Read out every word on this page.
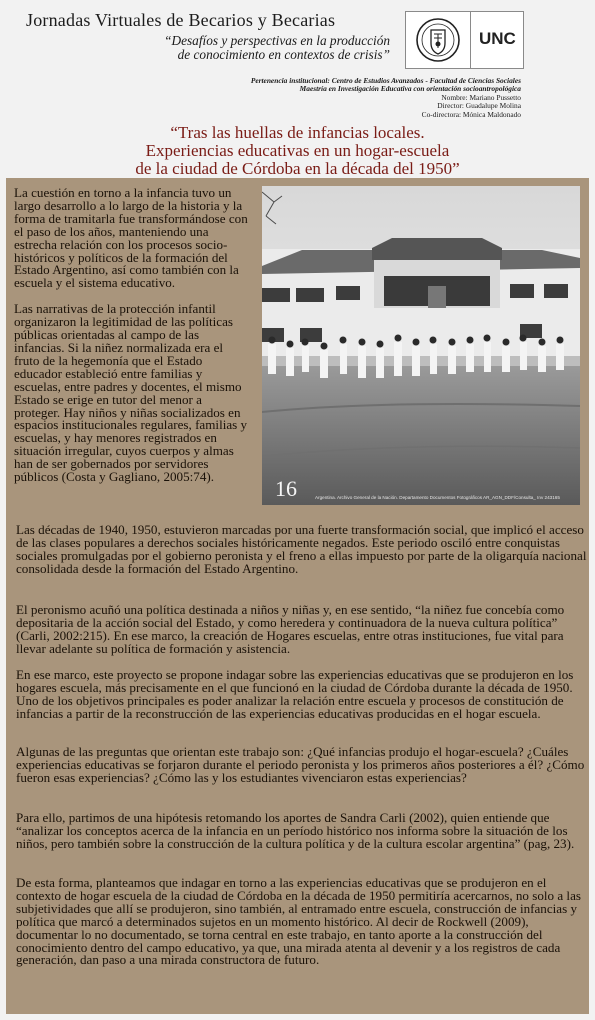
Jornadas Virtuales de Becarios y Becarias
“Desafíos y perspectivas en la producción
de conocimiento en contextos de crisis”
UNC
Pertenencia institucional: Centro de Estudios Avanzados - Facultad de Ciencias Sociales
Maestría en Investigación Educativa con orientación socioantropológica
Nombre: Mariano Pussetto
Director: Guadalupe Molina
Co-directora: Mónica Maldonado
“Tras las huellas de infancias locales.
Experiencias educativas en un hogar-escuela
de la ciudad de Córdoba en la década del 1950”

La cuestión en torno a la infancia tuvo un largo desarrollo a lo largo de la historia y la forma de tramitarla fue transformándose con el paso de los años, manteniendo una estrecha relación con los procesos socio-históricos y políticos de la formación del Estado Argentino, así como también con la escuela y el sistema educativo.

Las narrativas de la protección infantil organizaron la legitimidad de las políticas públicas orientadas al campo de las infancias. Si la niñez normalizada era el fruto de la hegemonía que el Estado educador estableció entre familias y escuelas, entre padres y docentes, el mismo Estado se erige en tutor del menor a proteger. Hay niños y niñas socializados en espacios institucionales regulares, familias y escuelas, y hay menores registrados en situación irregular, cuyos cuerpos y almas han de ser gobernados por servidores públicos (Costa y Gagliano, 2005:74).	16	Argentina. Archivo General de la Nación. Departamento Documentos Fotográficos AR_AGN_DDF/Consulta_ Inv 243165
Las décadas de 1940, 1950, estuvieron marcadas por una fuerte transformación social, que implicó el acceso de las clases populares a derechos sociales históricamente negados. Este periodo osciló entre conquistas sociales promulgadas por el gobierno peronista y el freno a ellas impuesto por parte de la oligarquía nacional consolidada desde la formación del Estado Argentino.
El peronismo acuñó una política destinada a niños y niñas y, en ese sentido, “la niñez fue concebía como depositaria de la acción social del Estado, y como heredera y continuadora de la nueva cultura política” (Carli, 2002:215). En ese marco, la creación de Hogares escuelas, entre otras instituciones, fue vital para llevar adelante su política de formación y asistencia.
En ese marco, este proyecto se propone indagar sobre las experiencias educativas que se produjeron en los hogares escuela, más precisamente en el que funcionó en la ciudad de Córdoba durante la década de 1950. Uno de los objetivos principales es poder analizar la relación entre escuela y procesos de constitución de infancias a partir de la reconstrucción de las experiencias educativas producidas en el hogar escuela.
Algunas de las preguntas que orientan este trabajo son: ¿Qué infancias produjo el hogar-escuela? ¿Cuáles experiencias educativas se forjaron durante el periodo peronista y los primeros años posteriores a él? ¿Cómo fueron esas experiencias? ¿Cómo las y los estudiantes vivenciaron estas experiencias?
Para ello, partimos de una hipótesis retomando los aportes de Sandra Carli (2002), quien entiende que “analizar los conceptos acerca de la infancia en un período histórico nos informa sobre la situación de los niños, pero también sobre la construcción de la cultura política y de la cultura escolar argentina” (pag, 23).
De esta forma, planteamos que indagar en torno a las experiencias educativas que se produjeron en el contexto de hogar escuela de la ciudad de Córdoba en la década de 1950 permitiría acercarnos, no solo a las subjetividades que allí se produjeron, sino también, al entramado entre escuela, construcción de infancias y política que marcó a determinados sujetos en un momento histórico. Al decir de Rockwell (2009), documentar lo no documentado, se torna central en este trabajo, en tanto aporte a la construcción del conocimiento dentro del campo educativo, ya que, una mirada atenta al devenir y a los registros de cada generación, dan paso a una mirada constructora de futuro.
